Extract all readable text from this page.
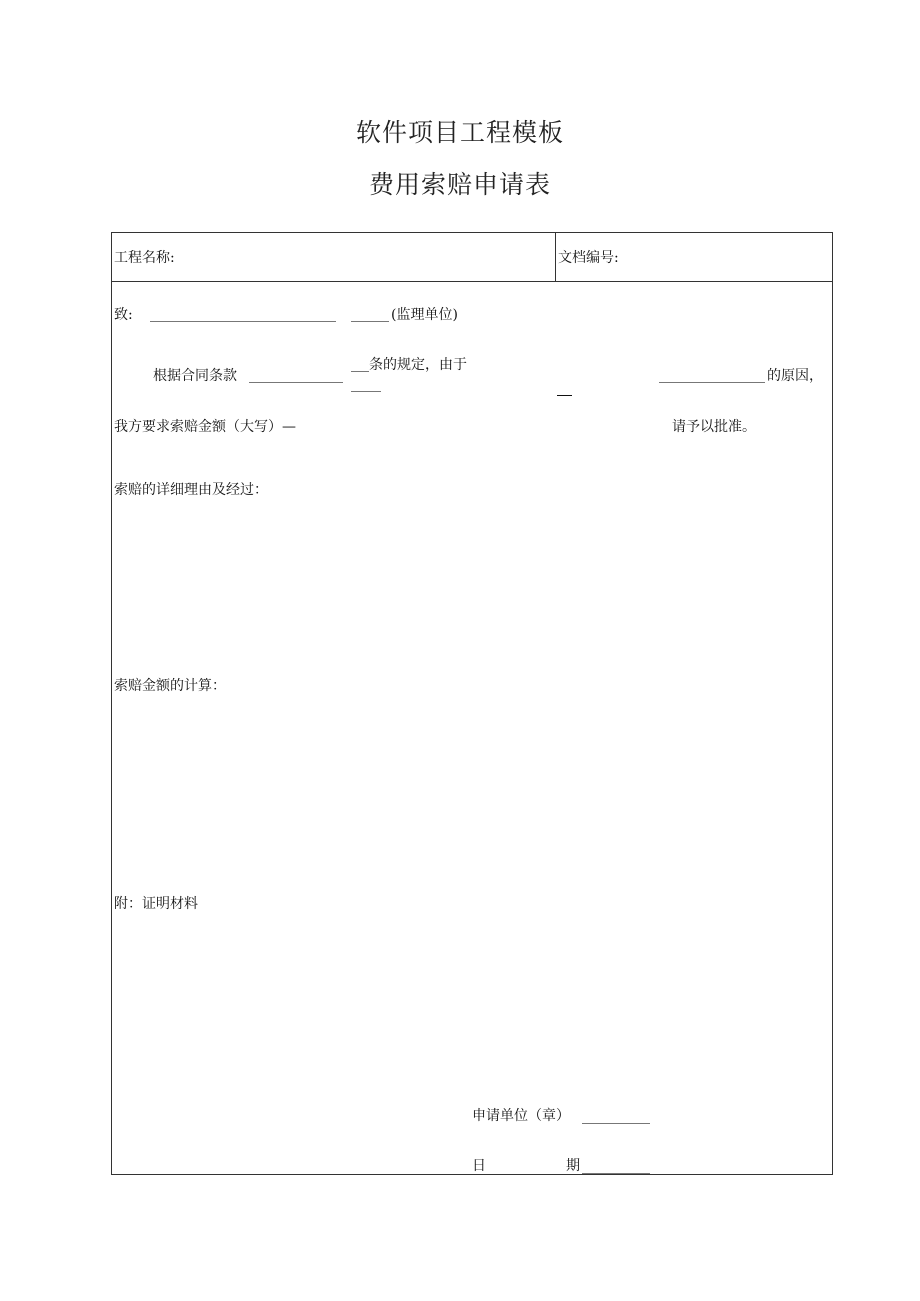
软件项目工程模板
费用索赔申请表
工程名称:	文档编号:
致:	(监理单位)
根据合同条款
条的规定，由于
的原因，
我方要求索赔金额（大写）—	请予以批准。
索赔的详细理由及经过：
索赔金额的计算：
附：证明材料
申请单位（章）
日	期
